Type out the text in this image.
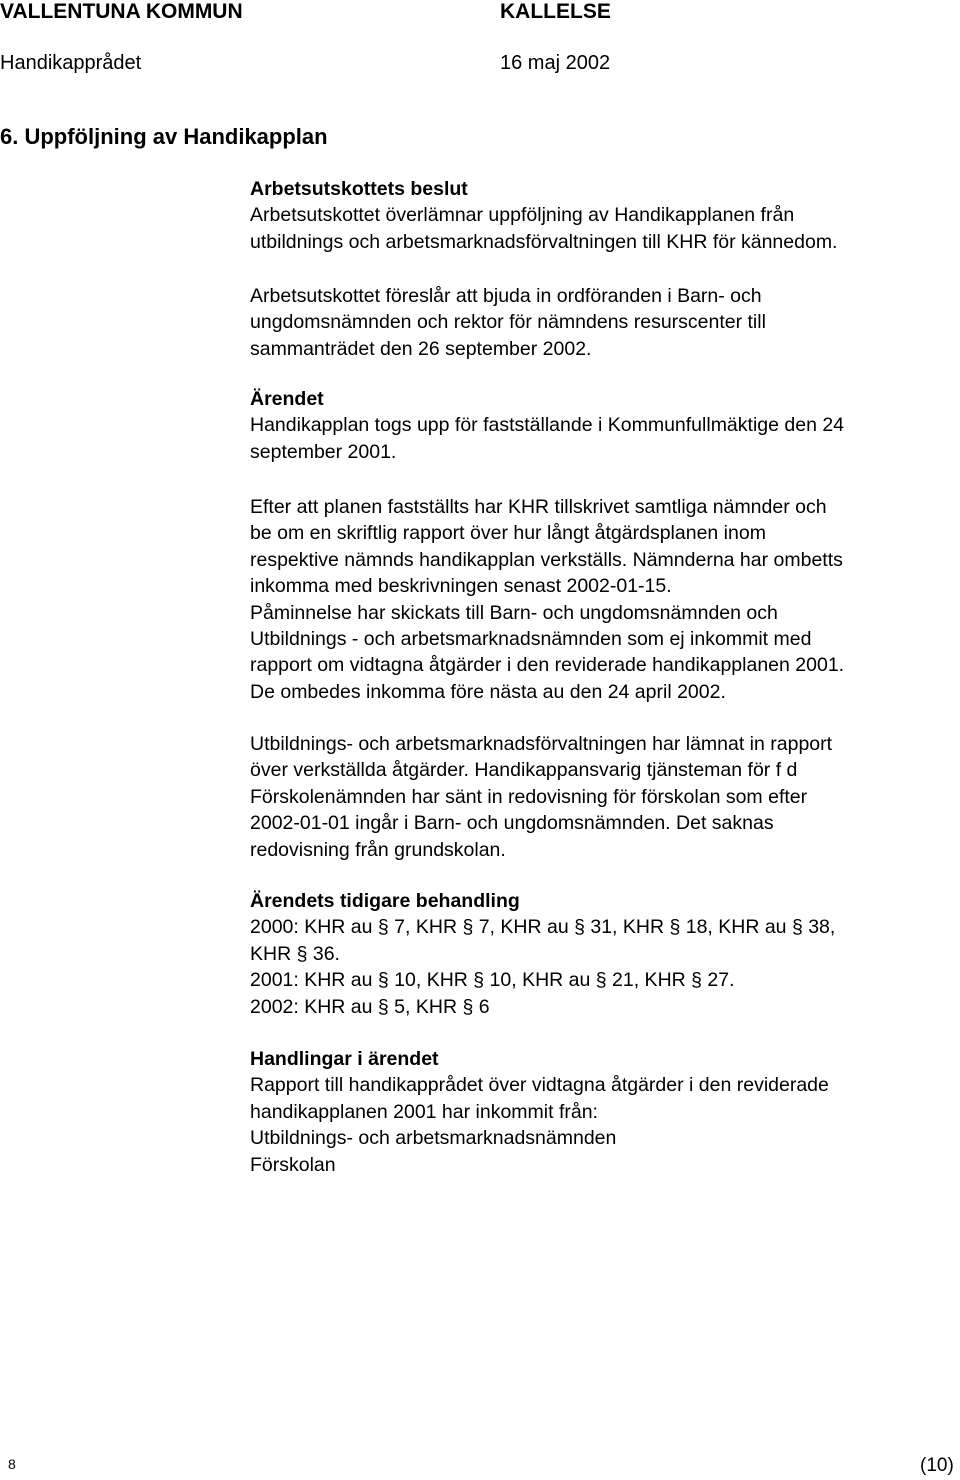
VALLENTUNA KOMMUN	KALLELSE
Handikapprådet	16 maj 2002
6. Uppföljning av Handikapplan
Arbetsutskottets beslut

Arbetsutskottet överlämnar uppföljning av Handikapplanen från
utbildnings och arbetsmarknadsförvaltningen till KHR för kännedom.

Arbetsutskottet föreslår att bjuda in ordföranden i Barn- och
ungdomsnämnden och rektor för nämndens resurscenter till
sammanträdet den 26 september 2002.
Ärendet
Handikapplan togs upp för fastställande i Kommunfullmäktige den 24
september 2001.
Efter att planen fastställts har KHR tillskrivet samtliga nämnder och
be om en skriftlig rapport över hur långt åtgärdsplanen inom
respektive nämnds handikapplan verkställs. Nämnderna har ombetts
inkomma med beskrivningen senast 2002-01-15.
Påminnelse har skickats till Barn- och ungdomsnämnden och
Utbildnings - och arbetsmarknadsnämnden som ej inkommit med
rapport om vidtagna åtgärder i den reviderade handikapplanen 2001.
De ombedes inkomma före nästa au den 24 april 2002.
Utbildnings- och arbetsmarknadsförvaltningen har lämnat in rapport
över verkställda åtgärder. Handikappansvarig tjänsteman för f d
Förskolenämnden har sänt in redovisning för förskolan som efter
2002-01-01 ingår i Barn- och ungdomsnämnden. Det saknas
redovisning från grundskolan.
Ärendets tidigare behandling
2000: KHR au § 7, KHR § 7, KHR au § 31, KHR § 18, KHR au § 38,
KHR § 36.
2001: KHR au § 10, KHR § 10, KHR au § 21, KHR § 27.
2002: KHR au § 5, KHR § 6
Handlingar i ärendet
Rapport till handikapprådet över vidtagna åtgärder i den reviderade
handikapplanen 2001 har inkommit från:
Utbildnings- och arbetsmarknadsnämnden
Förskolan
8	(10)
